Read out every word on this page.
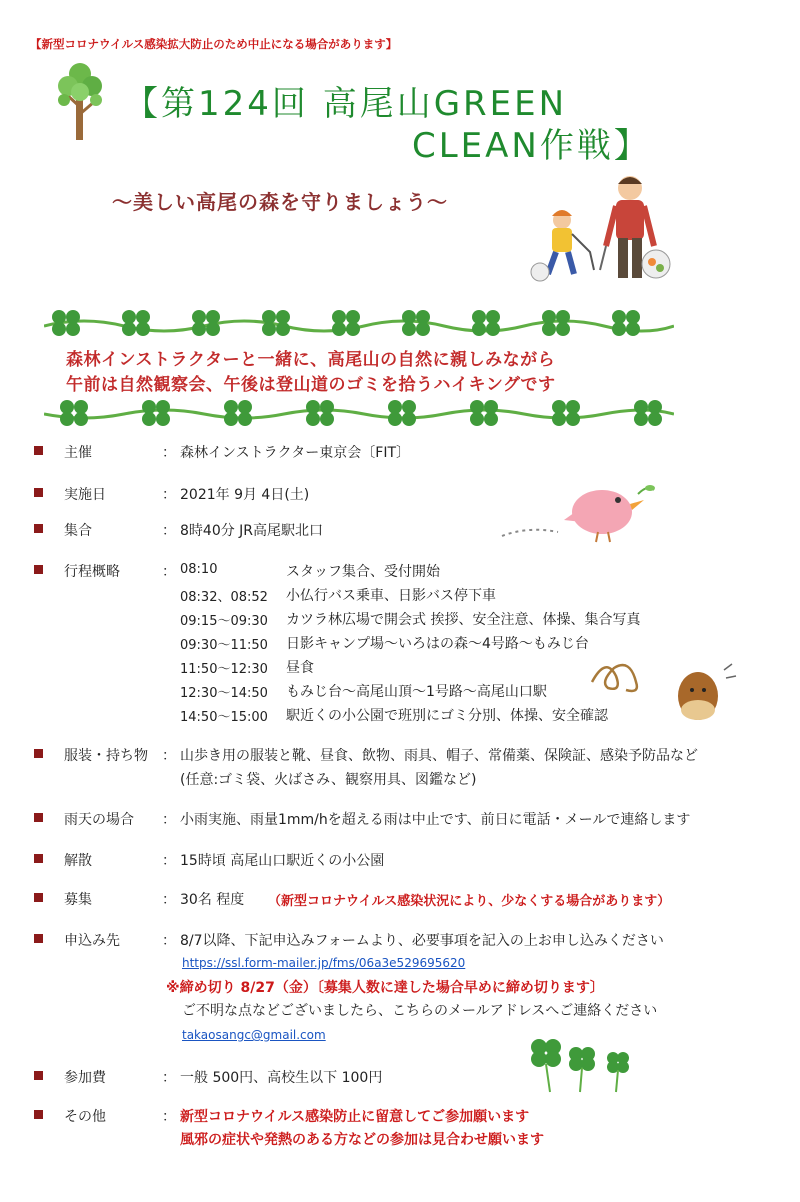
【新型コロナウイルス感染拡大防止のため中止になる場合があります】
【第124回 高尾山GREEN
CLEAN作戦】
～美しい高尾の森を守りましょう～
森林インストラクターと一緒に、高尾山の自然に親しみながら
午前は自然観察会、午後は登山道のゴミを拾うハイキングです
主催	： 森林インストラクター東京会〔FIT〕
実施日	： 2021年 9月 4日(土)
集合	： 8時40分 JR高尾駅北口
行程概略	： 08:10	スタッフ集合、受付開始
08:32、08:52 小仏行バス乗車、日影バス停下車
09:15～09:30 カツラ林広場で開会式 挨拶、安全注意、体操、集合写真
09:30～11:50 日影キャンプ場～いろはの森～4号路～もみじ台
11:50～12:30 昼食
12:30～14:50 もみじ台～高尾山頂～1号路～高尾山口駅
14:50～15:00 駅近くの小公園で班別にゴミ分別、体操、安全確認
服装・持ち物 ： 山歩き用の服装と靴、昼食、飲物、雨具、帽子、常備薬、保険証、感染予防品など
(任意:ゴミ袋、火ばさみ、観察用具、図鑑など)
雨天の場合 ： 小雨実施、雨量1mm/hを超える雨は中止です、前日に電話・メールで連絡します
解散	： 15時頃 高尾山口駅近くの小公園
募集	： 30名 程度 （新型コロナウイルス感染状況により、少なくする場合があります）
申込み先	： 8/7以降、下記申込みフォームより、必要事項を記入の上お申し込みください
https://ssl.form-mailer.jp/fms/06a3e529695620
※締め切り 8/27（金）〔募集人数に達した場合早めに締め切ります〕
ご不明な点などございましたら、こちらのメールアドレスへご連絡ください
takaosangc@gmail.com
参加費	： 一般 500円、高校生以下 100円
その他	： 新型コロナウイルス感染防止に留意してご参加願います
風邪の症状や発熱のある方などの参加は見合わせ願います
